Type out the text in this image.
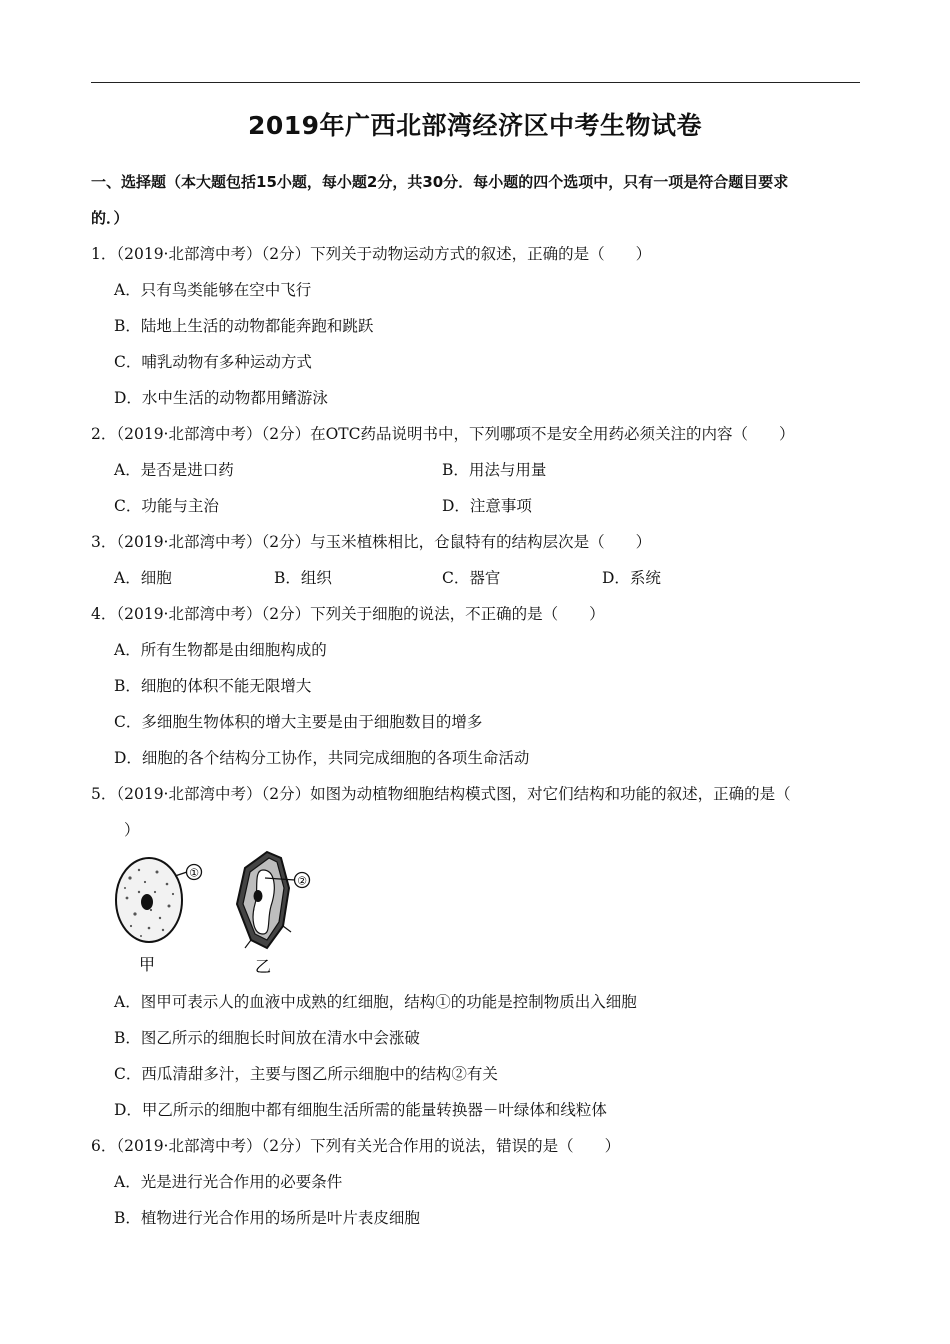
2019年广西北部湾经济区中考生物试卷
一、选择题（本大题包括15小题，每小题2分，共30分．每小题的四个选项中，只有一项是符合题目要求
的．）
1．（2019·北部湾中考）（2分）下列关于动物运动方式的叙述，正确的是（　　）
A．只有鸟类能够在空中飞行
B．陆地上生活的动物都能奔跑和跳跃
C．哺乳动物有多种运动方式
D．水中生活的动物都用鳍游泳
2．（2019·北部湾中考）（2分）在OTC药品说明书中，下列哪项不是安全用药必须关注的内容（　　）
A．是否是进口药	B．用法与用量
C．功能与主治	D．注意事项
3．（2019·北部湾中考）（2分）与玉米植株相比，仓鼠特有的结构层次是（　　）
A．细胞	B．组织	C．器官	D．系统
4．（2019·北部湾中考）（2分）下列关于细胞的说法，不正确的是（　　）
A．所有生物都是由细胞构成的
B．细胞的体积不能无限增大
C．多细胞生物体积的增大主要是由于细胞数目的增多
D．细胞的各个结构分工协作，共同完成细胞的各项生命活动
5．（2019·北部湾中考）（2分）如图为动植物细胞结构模式图，对它们结构和功能的叙述，正确的是（
）
①
甲
②
乙
A．图甲可表示人的血液中成熟的红细胞，结构①的功能是控制物质出入细胞
B．图乙所示的细胞长时间放在清水中会涨破
C．西瓜清甜多汁，主要与图乙所示细胞中的结构②有关
D．甲乙所示的细胞中都有细胞生活所需的能量转换器－叶绿体和线粒体
6．（2019·北部湾中考）（2分）下列有关光合作用的说法，错误的是（　　）
A．光是进行光合作用的必要条件
B．植物进行光合作用的场所是叶片表皮细胞
